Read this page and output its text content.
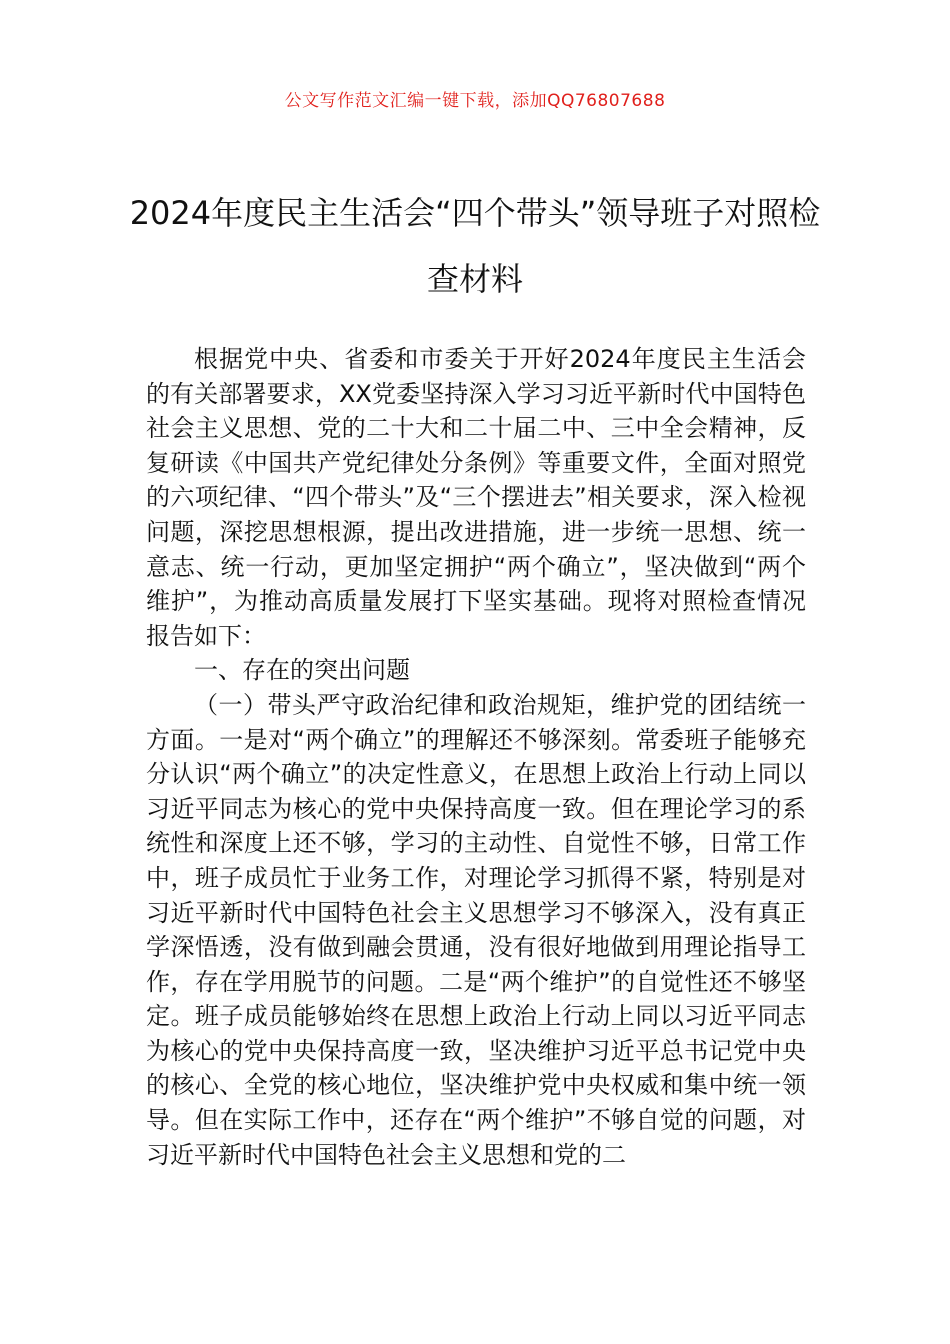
公文写作范文汇编一键下载，添加QQ76807688
2024年度民主生活会“四个带头”领导班子对照检查材料

根据党中央、省委和市委关于开好2024年度民主生活会的有关部署要求，XX党委坚持深入学习习近平新时代中国特色社会主义思想、党的二十大和二十届二中、三中全会精神，反复研读《中国共产党纪律处分条例》等重要文件，全面对照党的六项纪律、“四个带头”及“三个摆进去”相关要求，深入检视问题，深挖思想根源，提出改进措施，进一步统一思想、统一意志、统一行动，更加坚定拥护“两个确立”，坚决做到“两个维护”，为推动高质量发展打下坚实基础。现将对照检查情况报告如下：

一、存在的突出问题

（一）带头严守政治纪律和政治规矩，维护党的团结统一方面。一是对“两个确立”的理解还不够深刻。常委班子能够充分认识“两个确立”的决定性意义，在思想上政治上行动上同以习近平同志为核心的党中央保持高度一致。但在理论学习的系统性和深度上还不够，学习的主动性、自觉性不够，日常工作中，班子成员忙于业务工作，对理论学习抓得不紧，特别是对习近平新时代中国特色社会主义思想学习不够深入，没有真正学深悟透，没有做到融会贯通，没有很好地做到用理论指导工作，存在学用脱节的问题。二是“两个维护”的自觉性还不够坚定。班子成员能够始终在思想上政治上行动上同以习近平同志为核心的党中央保持高度一致，坚决维护习近平总书记党中央的核心、全党的核心地位，坚决维护党中央权威和集中统一领导。但在实际工作中，还存在“两个维护”不够自觉的问题，对习近平新时代中国特色社会主义思想和党的二
